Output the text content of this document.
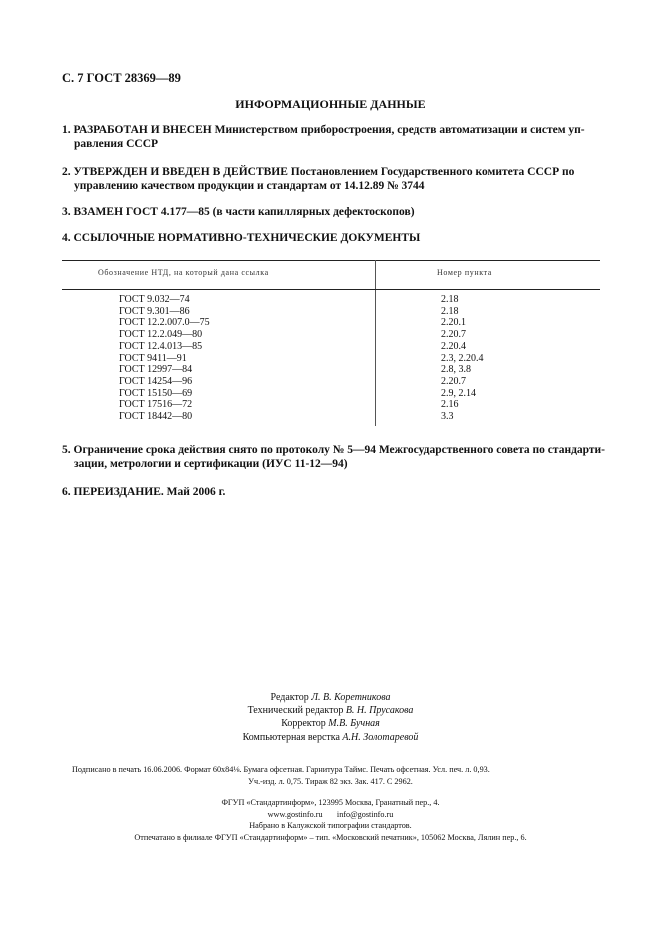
С. 7 ГОСТ 28369—89
ИНФОРМАЦИОННЫЕ ДАННЫЕ
1. РАЗРАБОТАН И ВНЕСЕН Министерством приборостроения, средств автоматизации и систем уп-
равления СССР
2. УТВЕРЖДЕН И ВВЕДЕН В ДЕЙСТВИЕ Постановлением Государственного комитета СССР по
управлению качеством продукции и стандартам от 14.12.89 № 3744
3. ВЗАМЕН ГОСТ 4.177—85 (в части капиллярных дефектоскопов)
4. ССЫЛОЧНЫЕ НОРМАТИВНО-ТЕХНИЧЕСКИЕ ДОКУМЕНТЫ
Обозначение НТД, на который дана ссылка	Номер пункта
ГОСТ 9.032—74	2.18
ГОСТ 9.301—86	2.18
ГОСТ 12.2.007.0—75	2.20.1
ГОСТ 12.2.049—80	2.20.7
ГОСТ 12.4.013—85	2.20.4
ГОСТ 9411—91	2.3, 2.20.4
ГОСТ 12997—84	2.8, 3.8
ГОСТ 14254—96	2.20.7
ГОСТ 15150—69	2.9, 2.14
ГОСТ 17516—72	2.16
ГОСТ 18442—80	3.3
5. Ограничение срока действия снято по протоколу № 5—94 Межгосударственного совета по стандарти-
зации, метрологии и сертификации (ИУС 11-12—94)
6. ПЕРЕИЗДАНИЕ. Май 2006 г.
Редактор Л. В. Коретникова
Технический редактор В. Н. Прусакова
Корректор М.В. Бучная
Компьютерная верстка А.Н. Золотаревой
Подписано в печать 16.06.2006. Формат 60x84⅛. Бумага офсетная. Гарнитура Таймс. Печать офсетная. Усл. печ. л. 0,93.
Уч.-изд. л. 0,75. Тираж 82 экз. Зак. 417. С 2962.
ФГУП «Стандартинформ», 123995 Москва, Гранатный пер., 4.
www.gostinfo.ru info@gostinfo.ru
Набрано в Калужской типографии стандартов.
Отпечатано в филиале ФГУП «Стандартинформ» – тип. «Московский печатник», 105062 Москва, Лялин пер., 6.
